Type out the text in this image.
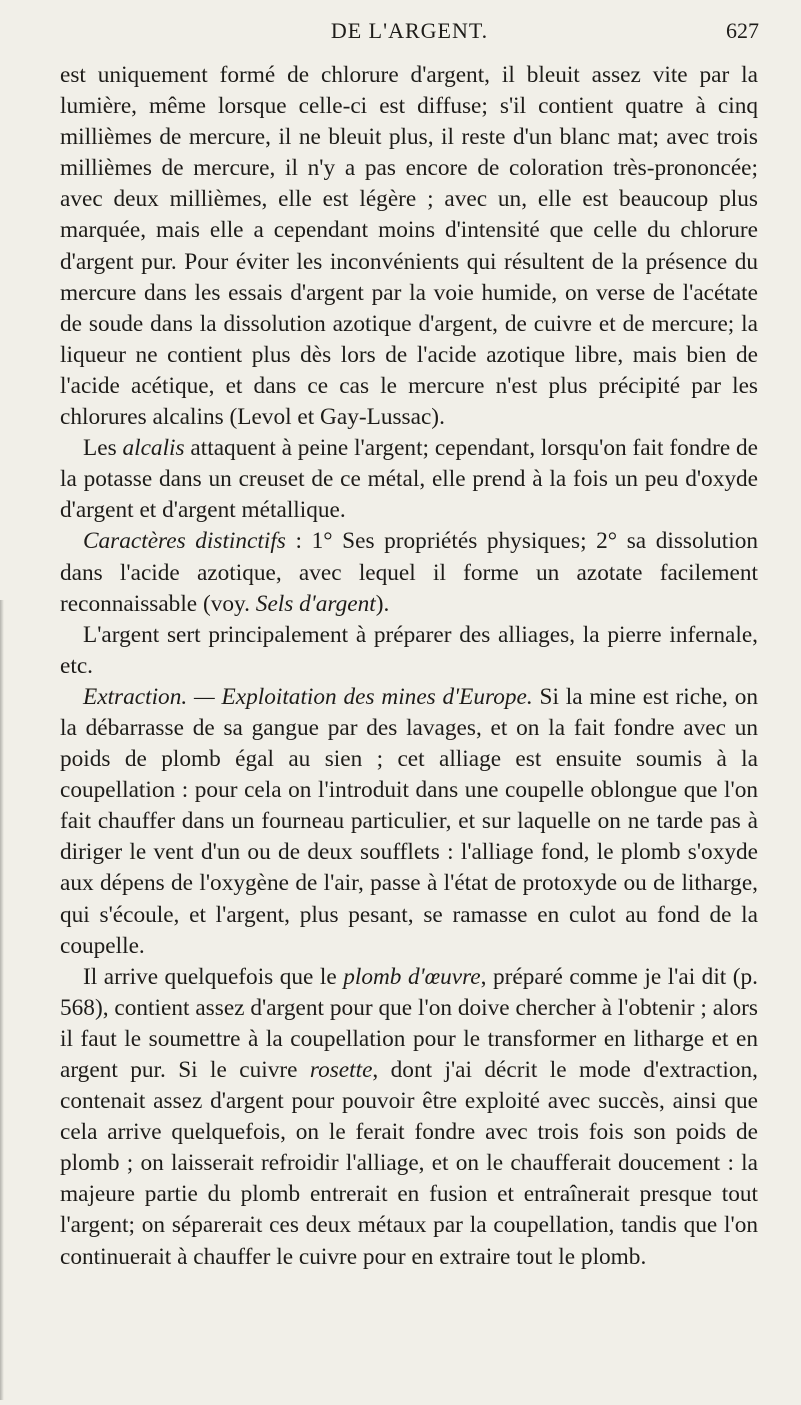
DE L'ARGENT.	627

est uniquement formé de chlorure d'argent, il bleuit assez vite par la lumière, même lorsque celle-ci est diffuse; s'il contient quatre à cinq millièmes de mercure, il ne bleuit plus, il reste d'un blanc mat; avec trois millièmes de mercure, il n'y a pas encore de coloration très-prononcée; avec deux millièmes, elle est légère ; avec un, elle est beaucoup plus marquée, mais elle a cependant moins d'intensité que celle du chlorure d'argent pur. Pour éviter les inconvénients qui résultent de la présence du mercure dans les essais d'argent par la voie humide, on verse de l'acétate de soude dans la dissolution azotique d'argent, de cuivre et de mercure; la liqueur ne contient plus dès lors de l'acide azotique libre, mais bien de l'acide acétique, et dans ce cas le mercure n'est plus précipité par les chlorures alcalins (Levol et Gay-Lussac).

Les alcalis attaquent à peine l'argent; cependant, lorsqu'on fait fondre de la potasse dans un creuset de ce métal, elle prend à la fois un peu d'oxyde d'argent et d'argent métallique.

Caractères distinctifs : 1° Ses propriétés physiques; 2° sa dissolution dans l'acide azotique, avec lequel il forme un azotate facilement reconnaissable (voy. Sels d'argent).

L'argent sert principalement à préparer des alliages, la pierre infernale, etc.

Extraction. — Exploitation des mines d'Europe. Si la mine est riche, on la débarrasse de sa gangue par des lavages, et on la fait fondre avec un poids de plomb égal au sien ; cet alliage est ensuite soumis à la coupellation : pour cela on l'introduit dans une coupelle oblongue que l'on fait chauffer dans un fourneau particulier, et sur laquelle on ne tarde pas à diriger le vent d'un ou de deux soufflets : l'alliage fond, le plomb s'oxyde aux dépens de l'oxygène de l'air, passe à l'état de protoxyde ou de litharge, qui s'écoule, et l'argent, plus pesant, se ramasse en culot au fond de la coupelle.

Il arrive quelquefois que le plomb d'œuvre, préparé comme je l'ai dit (p. 568), contient assez d'argent pour que l'on doive chercher à l'obtenir ; alors il faut le soumettre à la coupellation pour le transformer en litharge et en argent pur. Si le cuivre rosette, dont j'ai décrit le mode d'extraction, contenait assez d'argent pour pouvoir être exploité avec succès, ainsi que cela arrive quelquefois, on le ferait fondre avec trois fois son poids de plomb ; on laisserait refroidir l'alliage, et on le chaufferait doucement : la majeure partie du plomb entrerait en fusion et entraînerait presque tout l'argent; on séparerait ces deux métaux par la coupellation, tandis que l'on continuerait à chauffer le cuivre pour en extraire tout le plomb.
